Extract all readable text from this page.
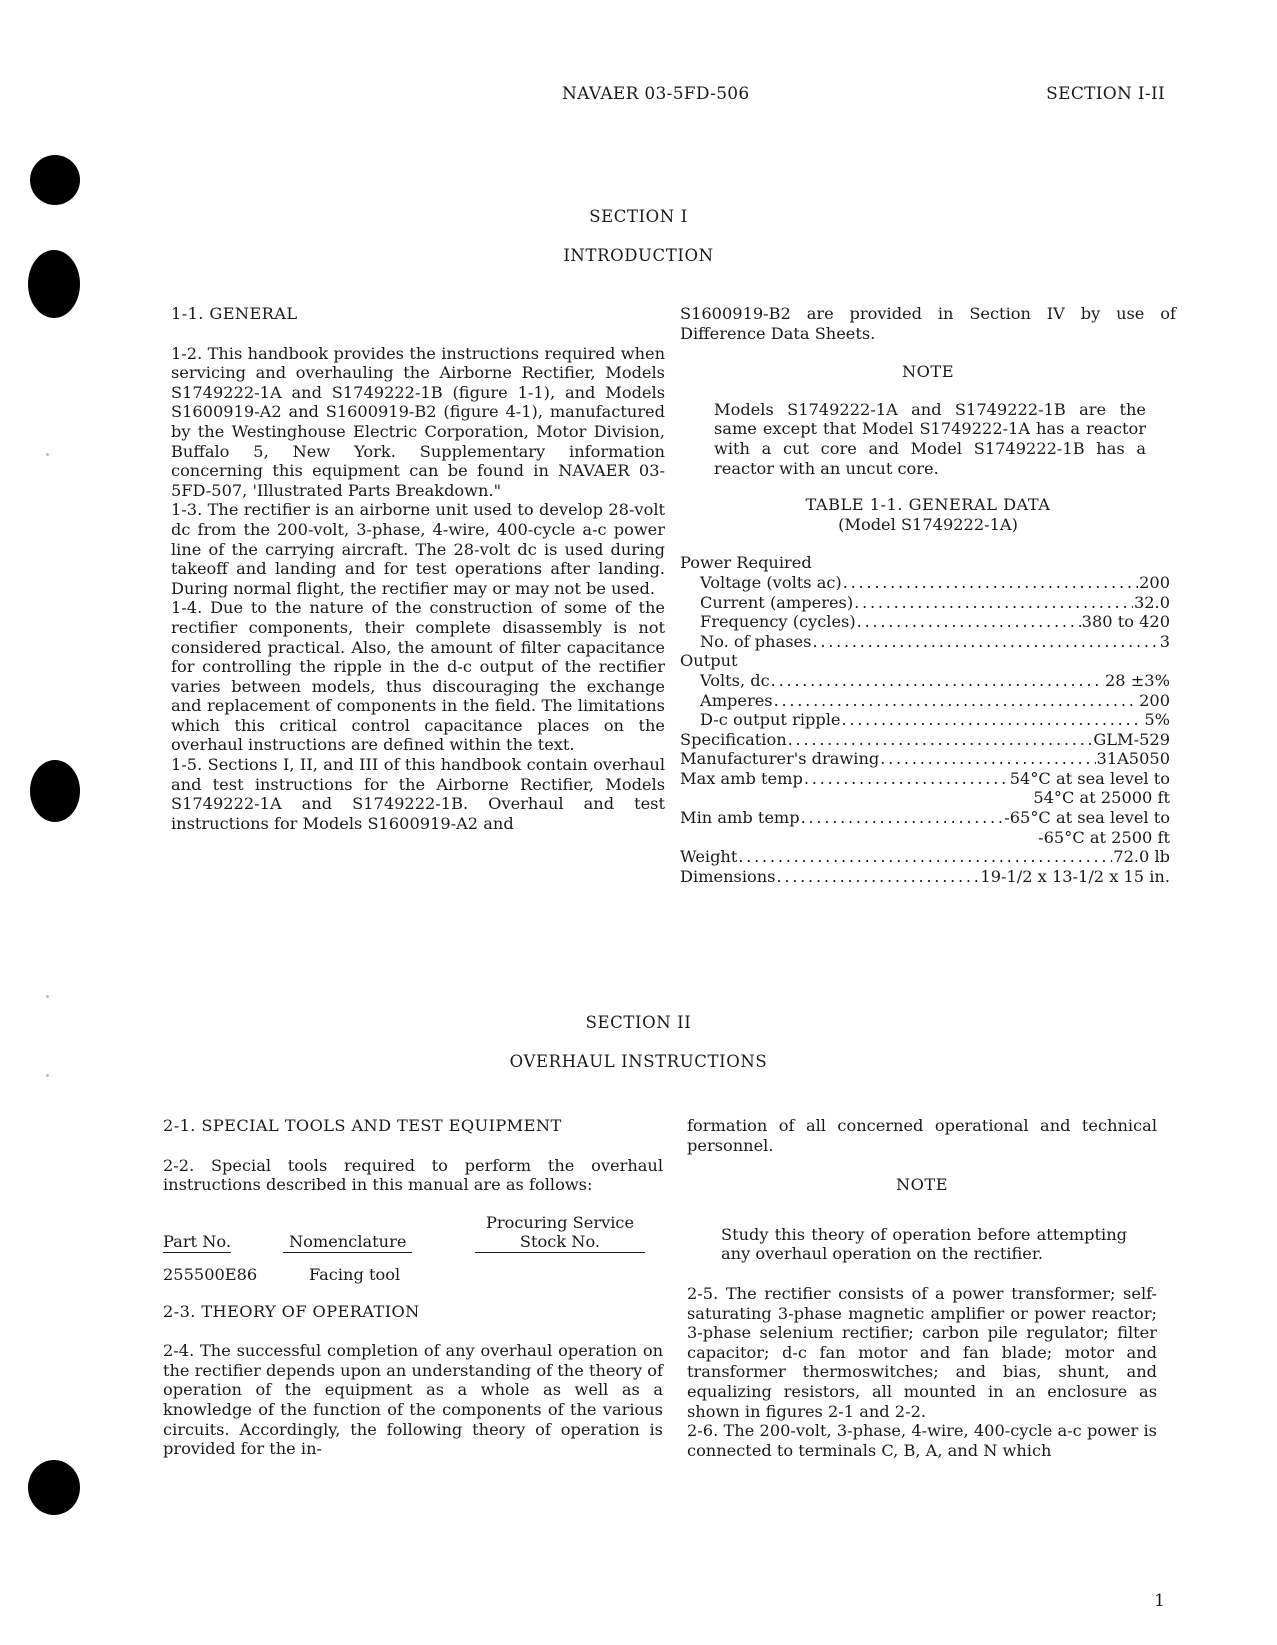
NAVAER 03-5FD-506	SECTION I-II
SECTION I
INTRODUCTION

1-1. GENERAL

1-2. This handbook provides the instructions required when servicing and overhauling the Airborne Rectifier, Models S1749222-1A and S1749222-1B (figure 1-1), and Models S1600919-A2 and S1600919-B2 (figure 4-1), manufactured by the Westinghouse Electric Corporation, Motor Division, Buffalo 5, New York. Supplementary information concerning this equipment can be found in NAVAER 03-5FD-507, 'Illustrated Parts Breakdown."

1-3. The rectifier is an airborne unit used to develop 28-volt dc from the 200-volt, 3-phase, 4-wire, 400-cycle a-c power line of the carrying aircraft. The 28-volt dc is used during takeoff and landing and for test operations after landing. During normal flight, the rectifier may or may not be used.

1-4. Due to the nature of the construction of some of the rectifier components, their complete disassembly is not considered practical. Also, the amount of filter capacitance for controlling the ripple in the d-c output of the rectifier varies between models, thus discouraging the exchange and replacement of components in the field. The limitations which this critical control capacitance places on the overhaul instructions are defined within the text.

1-5. Sections I, II, and III of this handbook contain overhaul and test instructions for the Airborne Rectifier, Models S1749222-1A and S1749222-1B. Overhaul and test instructions for Models S1600919-A2 and

S1600919-B2 are provided in Section IV by use of Difference Data Sheets.

NOTE
Models S1749222-1A and S1749222-1B are the same except that Model S1749222-1A has a reactor with a cut core and Model S1749222-1B has a reactor with an uncut core.
TABLE 1-1. GENERAL DATA
(Model S1749222-1A)
Power Required
Voltage (volts ac) . . .	200
Current (amperes) . . .	32.0
Frequency (cycles) . . .	380 to 420
No. of phases . . .	3
Output
Volts, dc . . .	28 ±3%
Amperes . . .	200
D-c output ripple . . .	5%
Specification . . .	GLM-529
Manufacturer's drawing . . .	31A5050
Max amb temp . . .	54°C at sea level to
54°C at 25000 ft
Min amb temp . . .	-65°C at sea level to
-65°C at 2500 ft
Weight . . .	72.0 lb
Dimensions . . .	19-1/2 x 13-1/2 x 15 in.
SECTION II
OVERHAUL INSTRUCTIONS

2-1. SPECIAL TOOLS AND TEST EQUIPMENT

2-2. Special tools required to perform the overhaul instructions described in this manual are as follows:

Part No.	Nomenclature	Procuring Service Stock No.
255500E86	Facing tool	

2-3. THEORY OF OPERATION

2-4. The successful completion of any overhaul operation on the rectifier depends upon an understanding of the theory of operation of the equipment as a whole as well as a knowledge of the function of the components of the various circuits. Accordingly, the following theory of operation is provided for the in-

formation of all concerned operational and technical personnel.

NOTE
Study this theory of operation before attempting any overhaul operation on the rectifier.

2-5. The rectifier consists of a power transformer; self-saturating 3-phase magnetic amplifier or power reactor; 3-phase selenium rectifier; carbon pile regulator; filter capacitor; d-c fan motor and fan blade; motor and transformer thermoswitches; and bias, shunt, and equalizing resistors, all mounted in an enclosure as shown in figures 2-1 and 2-2.

2-6. The 200-volt, 3-phase, 4-wire, 400-cycle a-c power is connected to terminals C, B, A, and N which

1
